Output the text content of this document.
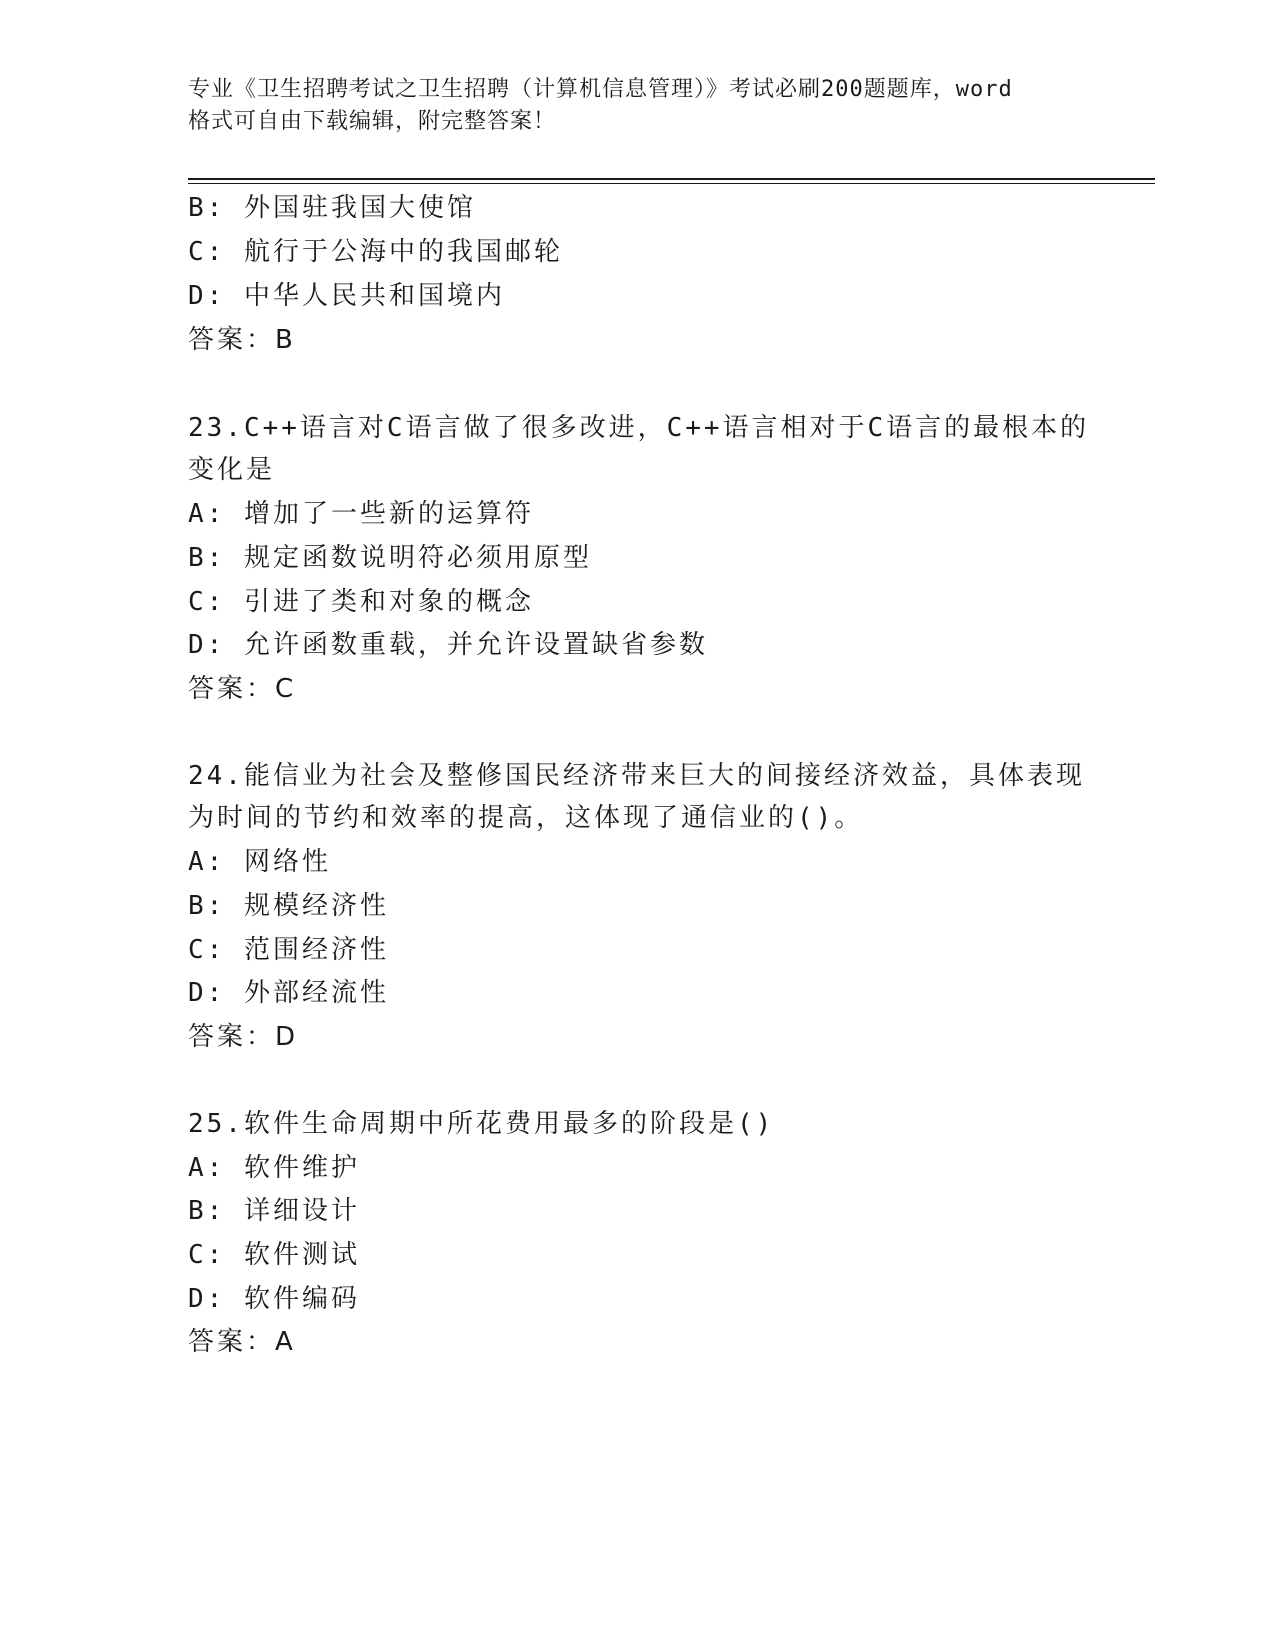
专业《卫生招聘考试之卫生招聘（计算机信息管理）》考试必刷200题题库，word
格式可自由下载编辑，附完整答案！

B: 外国驻我国大使馆

C: 航行于公海中的我国邮轮

D: 中华人民共和国境内

答案：B

23.C++语言对C语言做了很多改进，C++语言相对于C语言的最根本的

变化是

A: 增加了一些新的运算符

B: 规定函数说明符必须用原型

C: 引进了类和对象的概念

D: 允许函数重载，并允许设置缺省参数

答案：C

24.能信业为社会及整修国民经济带来巨大的间接经济效益，具体表现

为时间的节约和效率的提高，这体现了通信业的()。

A: 网络性

B: 规模经济性

C: 范围经济性

D: 外部经流性

答案：D

25.软件生命周期中所花费用最多的阶段是()

A: 软件维护

B: 详细设计

C: 软件测试

D: 软件编码

答案：A
